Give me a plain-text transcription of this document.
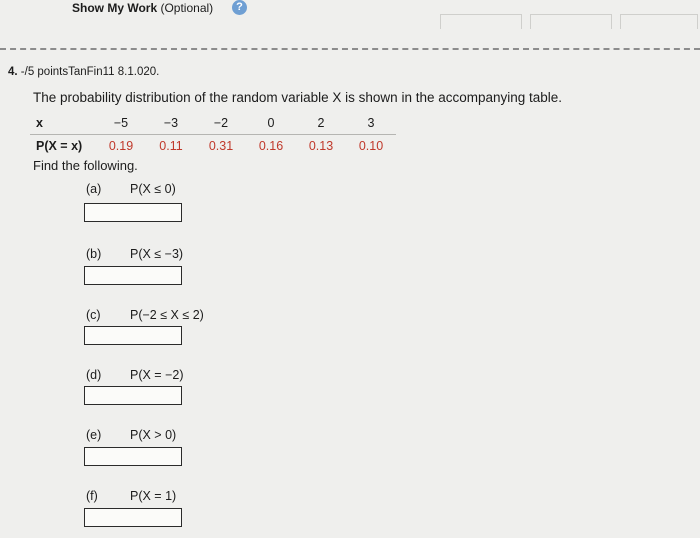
Show My Work (Optional)	?
4. -/5 pointsTanFin11 8.1.020.
The probability distribution of the random variable X is shown in the accompanying table.
x	−5	−3	−2	0	2	3
P(X = x)	0.19	0.11	0.31	0.16	0.13	0.10
Find the following.
(a) P(X ≤ 0)
(b) P(X ≤ −3)
(c) P(−2 ≤ X ≤ 2)
(d) P(X = −2)
(e) P(X > 0)
(f)	P(X = 1)
